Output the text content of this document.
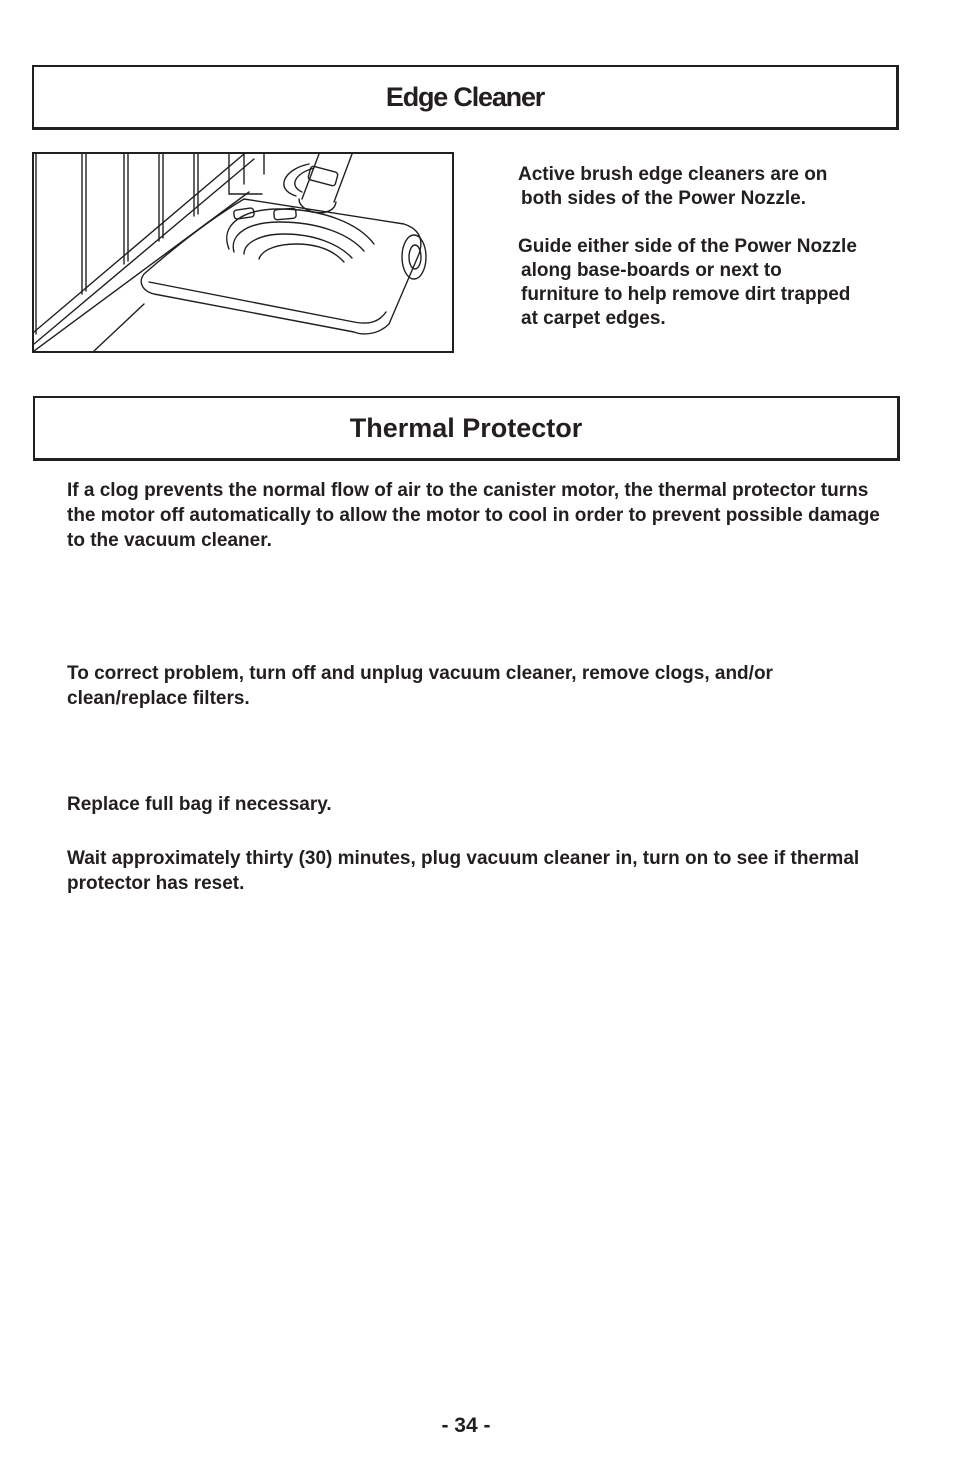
Edge Cleaner
Active brush edge cleaners are on
both sides of the Power Nozzle.
Guide either side of the Power Nozzle
along base-boards or next to
furniture to help remove dirt trapped
at carpet edges.
Thermal Protector

If a clog prevents the normal flow of air to the canister motor, the thermal protector turns the motor off automatically to allow the motor to cool in order to prevent possible damage to the vacuum cleaner.

To correct problem, turn off and unplug vacuum cleaner, remove clogs, and/or clean/replace filters.

Replace full bag if necessary.

Wait approximately thirty (30) minutes, plug vacuum cleaner in, turn on to see if thermal protector has reset.

- 34 -
